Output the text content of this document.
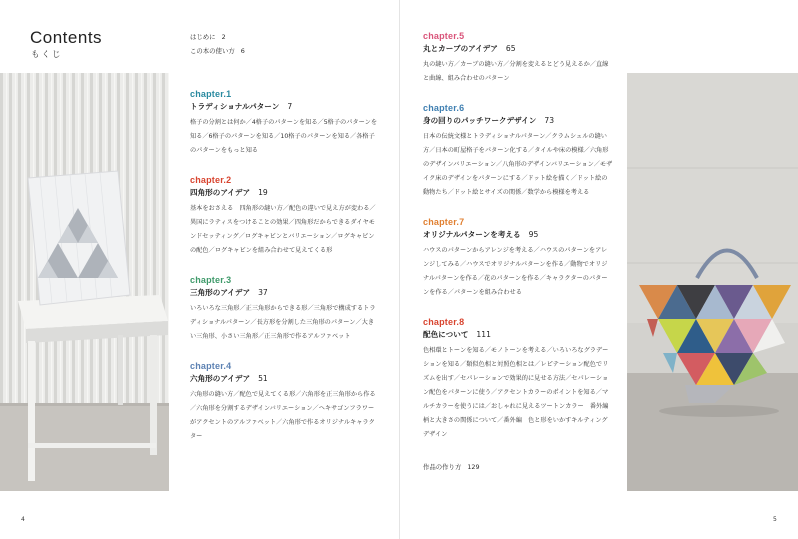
Contents
もくじ
はじめに 2
この本の使い方 6
chapter.1
トラディショナルパターン 7
格子の分割とは何か／4格子のパターンを知る／5格子のパターンを知る／6格子のパターンを知る／10格子のパターンを知る／各格子のパターンをもっと知る
chapter.2
四角形のアイデア 19
基本をおさえる　四角形の縫い方／配色の違いで見え方が変わる／異国にラティスをつけることの効果／四角形だからできるダイヤモンドセッティング／ログキャビンとバリエーション／ログキャビンの配色／ログキャビンを組み合わせて見えてくる形
chapter.3
三角形のアイデア 37
いろいろな三角形／正三角形からできる形／三角形で構成するトラディショナルパターン／長方形を分割した三角形のパターン／大きい三角形、小さい三角形／正三角形で作るアルファベット
chapter.4
六角形のアイデア 51
六角形の縫い方／配色で見えてくる形／六角形を正三角形から作る／六角形を分割するデザインバリエーション／ヘキサゴンフラワーがアクセントのアルファベット／六角形で作るオリジナルキャラクター
chapter.5
丸とカーブのアイデア 65
丸の縫い方／カーブの縫い方／分割を変えるとどう見えるか／直線と曲線、組み合わせのパターン
chapter.6
身の回りのパッチワークデザイン 73
日本の伝統文様とトラディショナルパターン／クラムシェルの縫い方／日本の町屋格子をパターン化する／タイルや床の模様／六角形のデザインバリエーション／八角形のデザインバリエーション／モザイク床のデザインをパターンにする／ドット絵を描く／ドット絵の動物たち／ドット絵とサイズの関係／数学から模様を考える
chapter.7
オリジナルパターンを考える 95
ハウスのパターンからアレンジを考える／ハウスのパターンをアレンジしてみる／ハウスでオリジナルパターンを作る／動物でオリジナルパターンを作る／花のパターンを作る／キャラクターのパターンを作る／パターンを組み合わせる
chapter.8
配色について 111
色相環とトーンを知る／モノトーンを考える／いろいろなグラデーションを知る／類似色相と対照色相とは／レピテーション配色でリズムを出す／セパレーションで効果的に見せる方法／セパレーション配色をパターンに使う／アクセントカラーのポイントを知る／マルチカラーを使うには／おしゃれに見えるツートンカラー　番外編　柄と大きさの関係について／番外編　色と形をいかすキルティングデザイン
作品の作り方 129
4	5
